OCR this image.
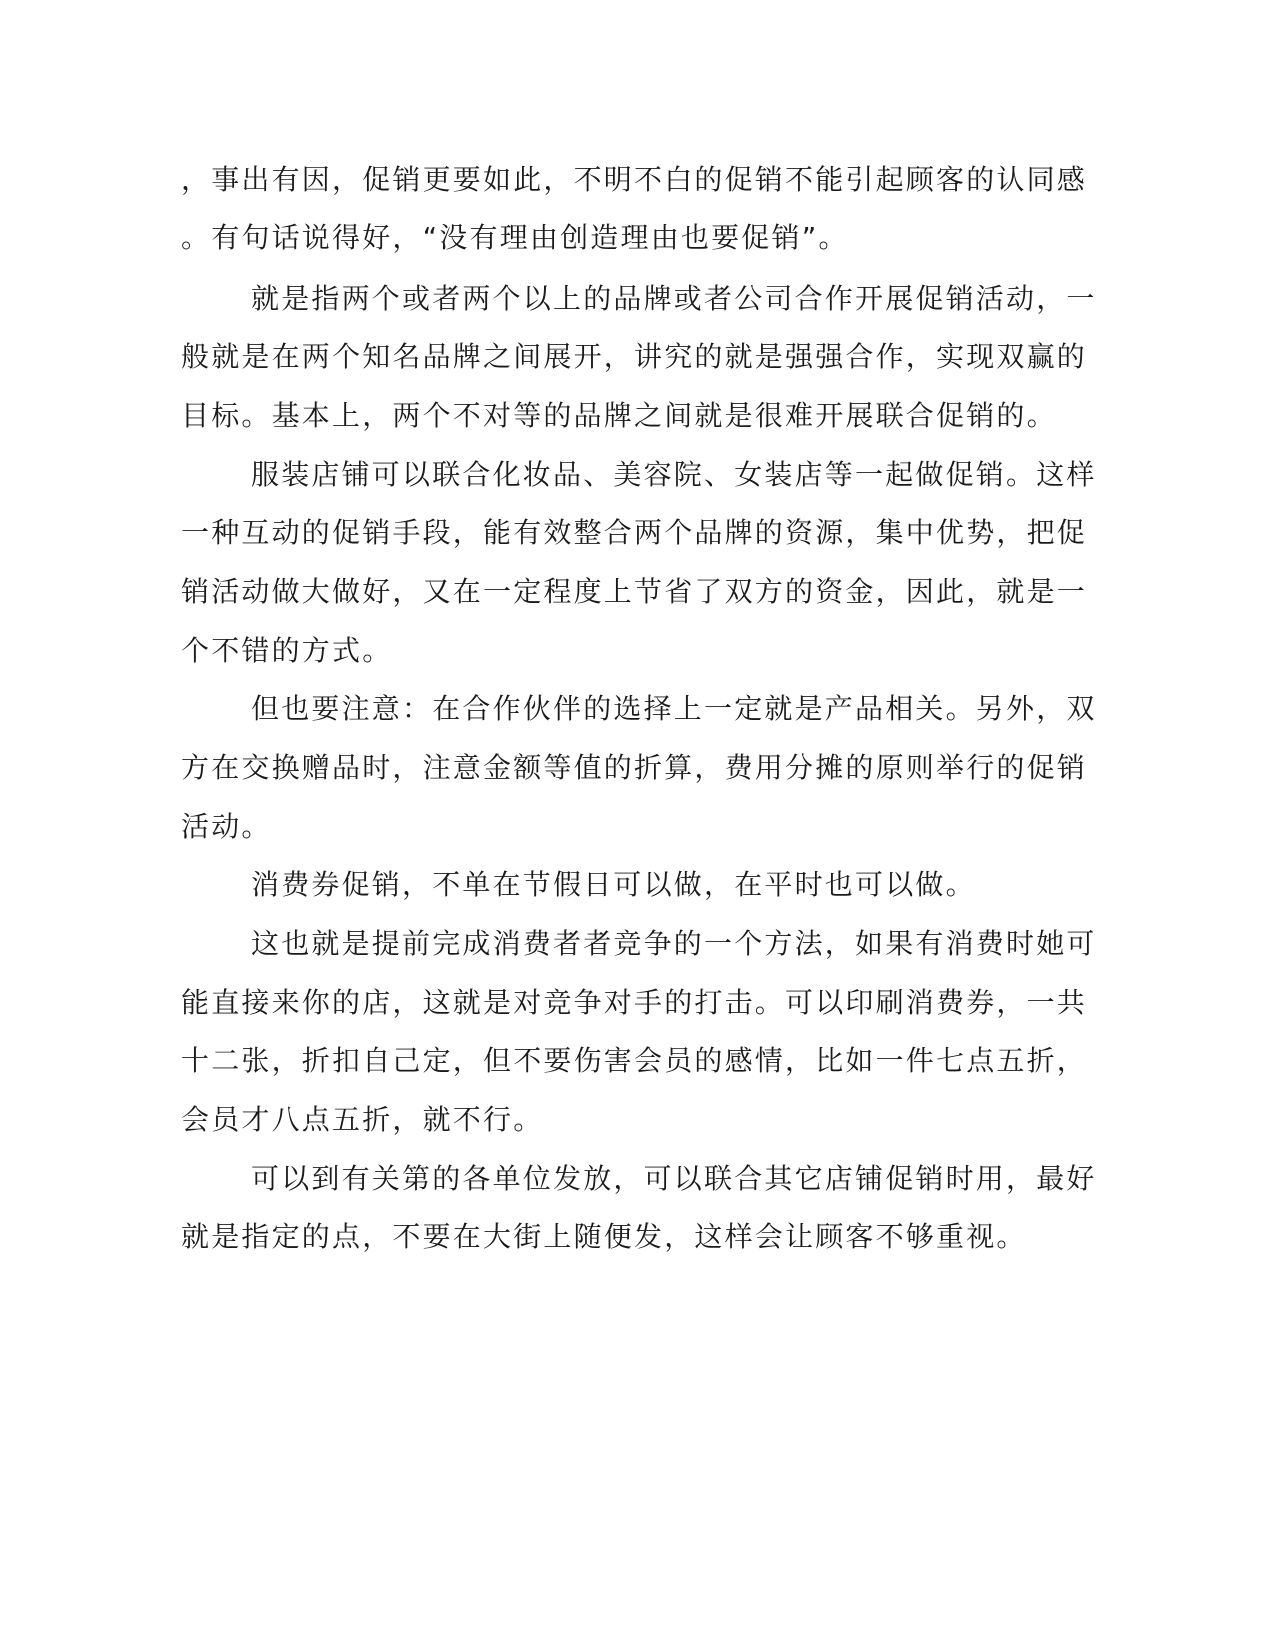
，事出有因，促销更要如此，不明不白的促销不能引起顾客的认同感

。有句话说得好，“没有理由创造理由也要促销”。

就是指两个或者两个以上的品牌或者公司合作开展促销活动，一

般就是在两个知名品牌之间展开，讲究的就是强强合作，实现双赢的

目标。基本上，两个不对等的品牌之间就是很难开展联合促销的。

服装店铺可以联合化妆品、美容院、女装店等一起做促销。这样

一种互动的促销手段，能有效整合两个品牌的资源，集中优势，把促

销活动做大做好，又在一定程度上节省了双方的资金，因此，就是一

个不错的方式。

但也要注意：在合作伙伴的选择上一定就是产品相关。另外，双

方在交换赠品时，注意金额等值的折算，费用分摊的原则举行的促销

活动。

消费券促销，不单在节假日可以做，在平时也可以做。

这也就是提前完成消费者者竞争的一个方法，如果有消费时她可

能直接来你的店，这就是对竞争对手的打击。可以印刷消费券，一共

十二张，折扣自己定，但不要伤害会员的感情，比如一件七点五折，

会员才八点五折，就不行。

可以到有关第的各单位发放，可以联合其它店铺促销时用，最好

就是指定的点，不要在大街上随便发，这样会让顾客不够重视。
